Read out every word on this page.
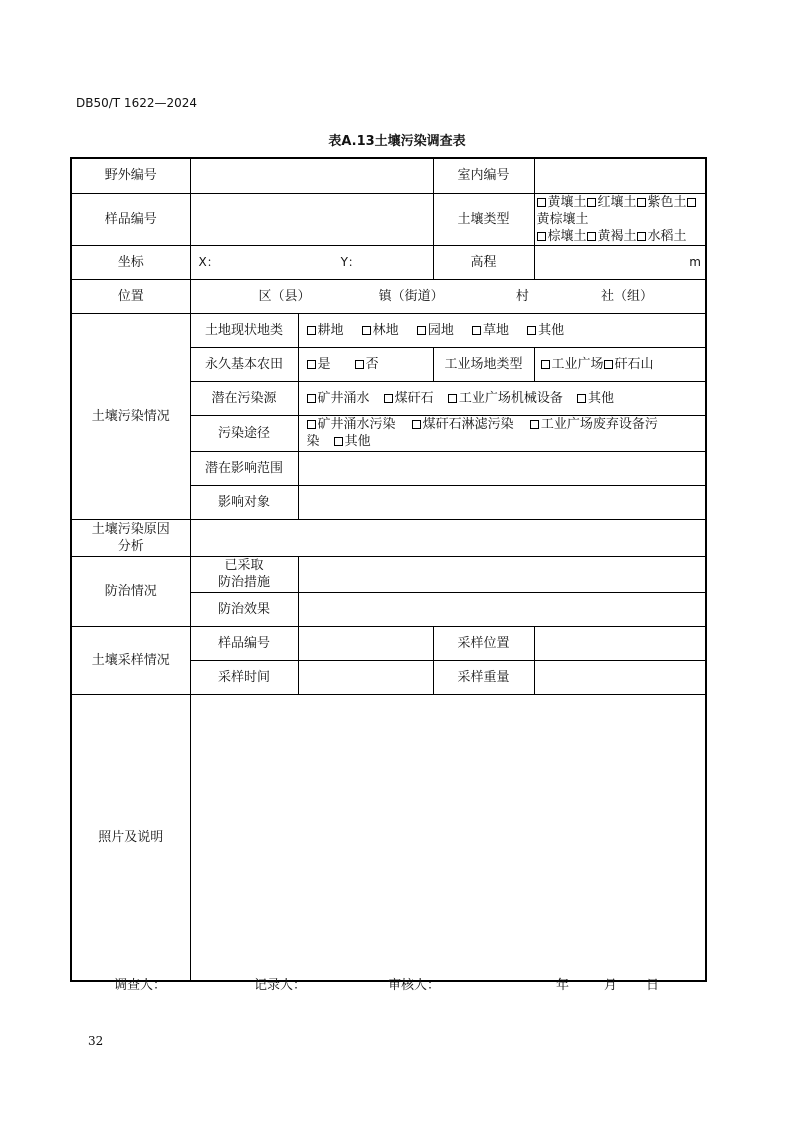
DB50/T 1622—2024
表A.13土壤污染调查表
野外编号			室内编号	
样品编号			土壤类型	黄壤土 红壤土 紫色土黄棕壤土
棕壤土 黄褐土 水稻土

坐标	X： Y：		高程	m
位置	区（县） 镇（街道） 村 社（组）			
土壤污染情况	土地现状地类	耕地 林地 园地 草地 其他		
	永久基本农田	是 否	工业场地类型	工业广场 矸石山
	潜在污染源	矿井涌水 煤矸石 工业广场机械设备 其他		
	污染途径	矿井涌水污染 煤矸石淋滤污染 工业广场废弃设备污
染 其他		

	潜在影响范围			
	影响对象			

土壤污染原因
分析				

防治情况	已采取
防治措施			

	防治效果			
土壤采样情况	样品编号		采样位置	
	采样时间		采样重量	
照片及说明				
调查人：	记录人：	审核人：	年	月 日
32
